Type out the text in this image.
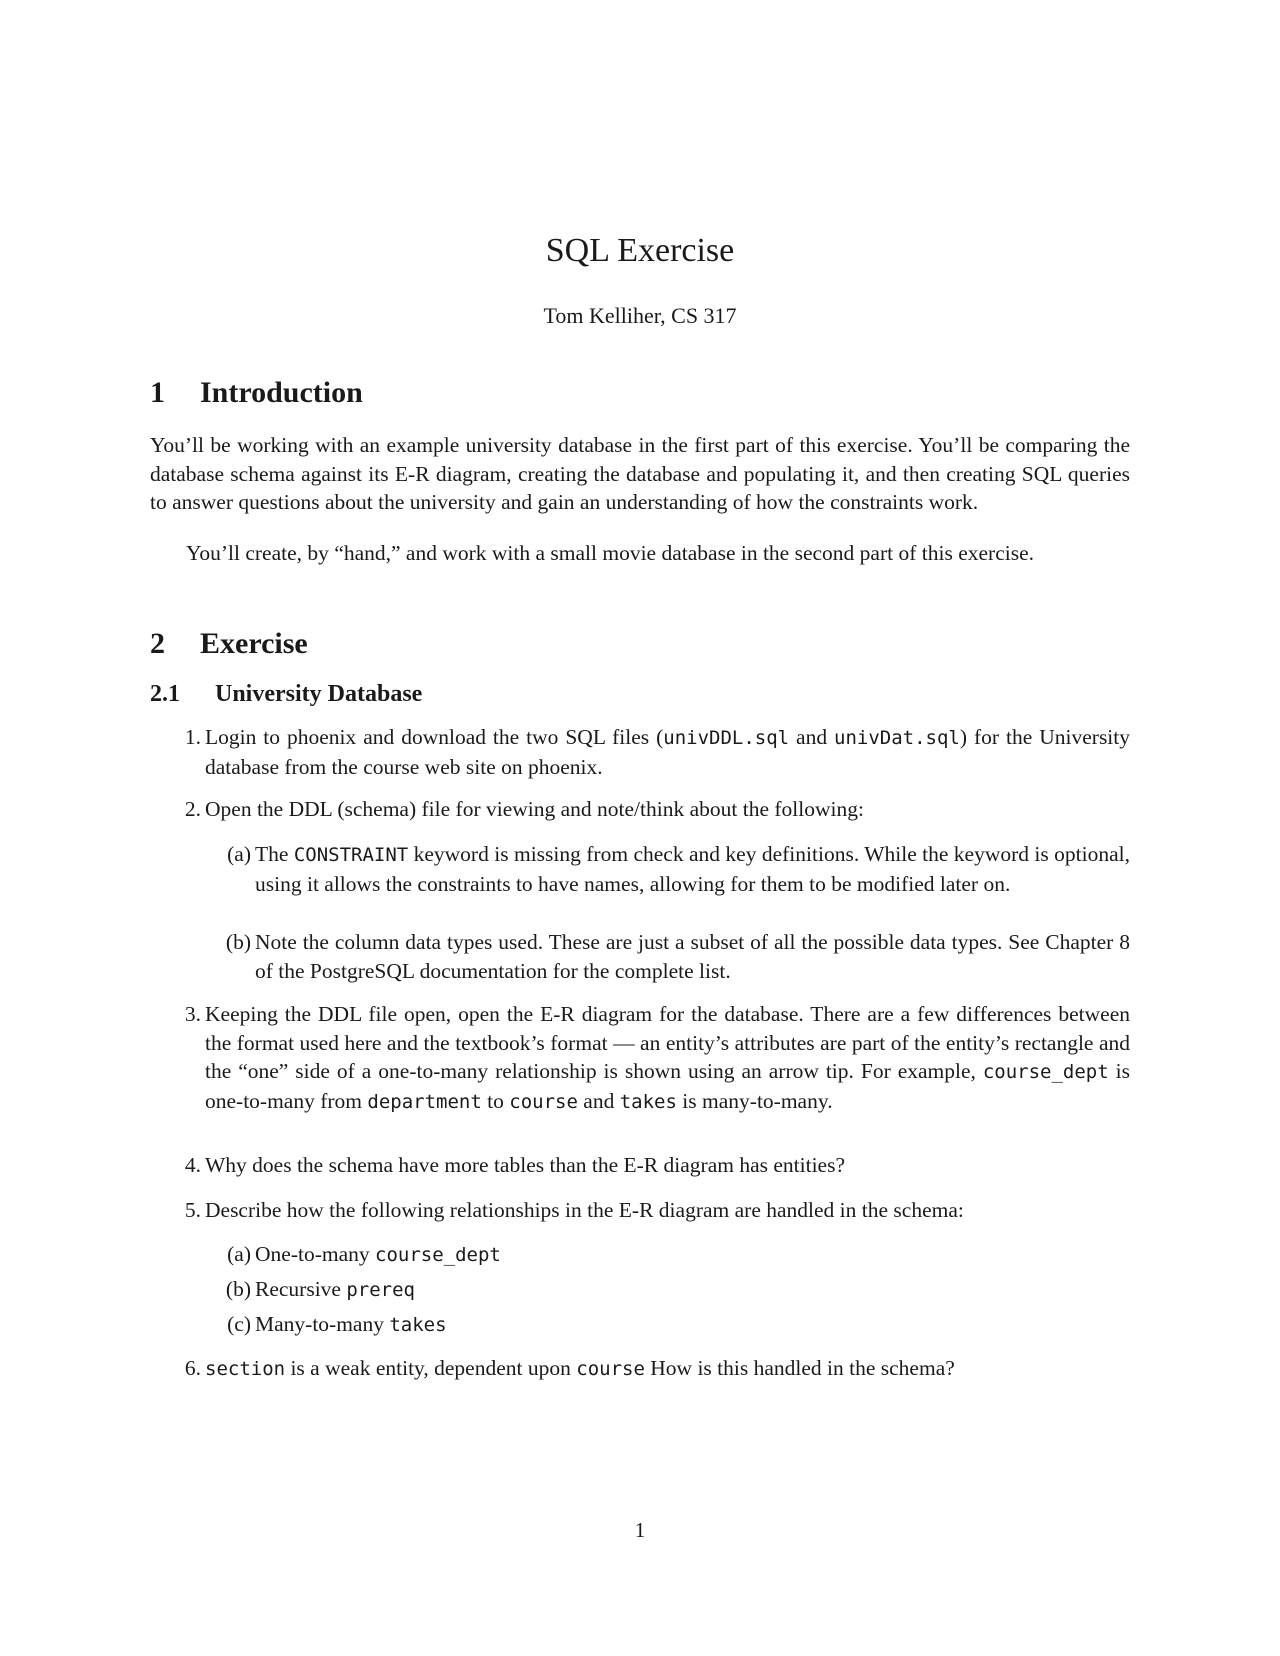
SQL Exercise
Tom Kelliher, CS 317
1 Introduction
You’ll be working with an example university database in the first part of this exercise. You’ll be comparing the database schema against its E-R diagram, creating the database and populating it, and then creating SQL queries to answer questions about the university and gain an understanding of how the constraints work.
You’ll create, by “hand,” and work with a small movie database in the second part of this exercise.
2 Exercise
2.1 University Database
1. Login to phoenix and download the two SQL files (univDDL.sql and univDat.sql) for the University database from the course web site on phoenix.
2. Open the DDL (schema) file for viewing and note/think about the following:
(a) The CONSTRAINT keyword is missing from check and key definitions. While the keyword is optional, using it allows the constraints to have names, allowing for them to be modified later on.
(b) Note the column data types used. These are just a subset of all the possible data types. See Chapter 8 of the PostgreSQL documentation for the complete list.
3. Keeping the DDL file open, open the E-R diagram for the database. There are a few differences between the format used here and the textbook’s format — an entity’s attributes are part of the entity’s rectangle and the “one” side of a one-to-many relationship is shown using an arrow tip. For example, course_dept is one-to-many from department to course and takes is many-to-many.
4. Why does the schema have more tables than the E-R diagram has entities?
5. Describe how the following relationships in the E-R diagram are handled in the schema:
(a) One-to-many course_dept
(b) Recursive prereq
(c) Many-to-many takes
6. section is a weak entity, dependent upon course How is this handled in the schema?
1
